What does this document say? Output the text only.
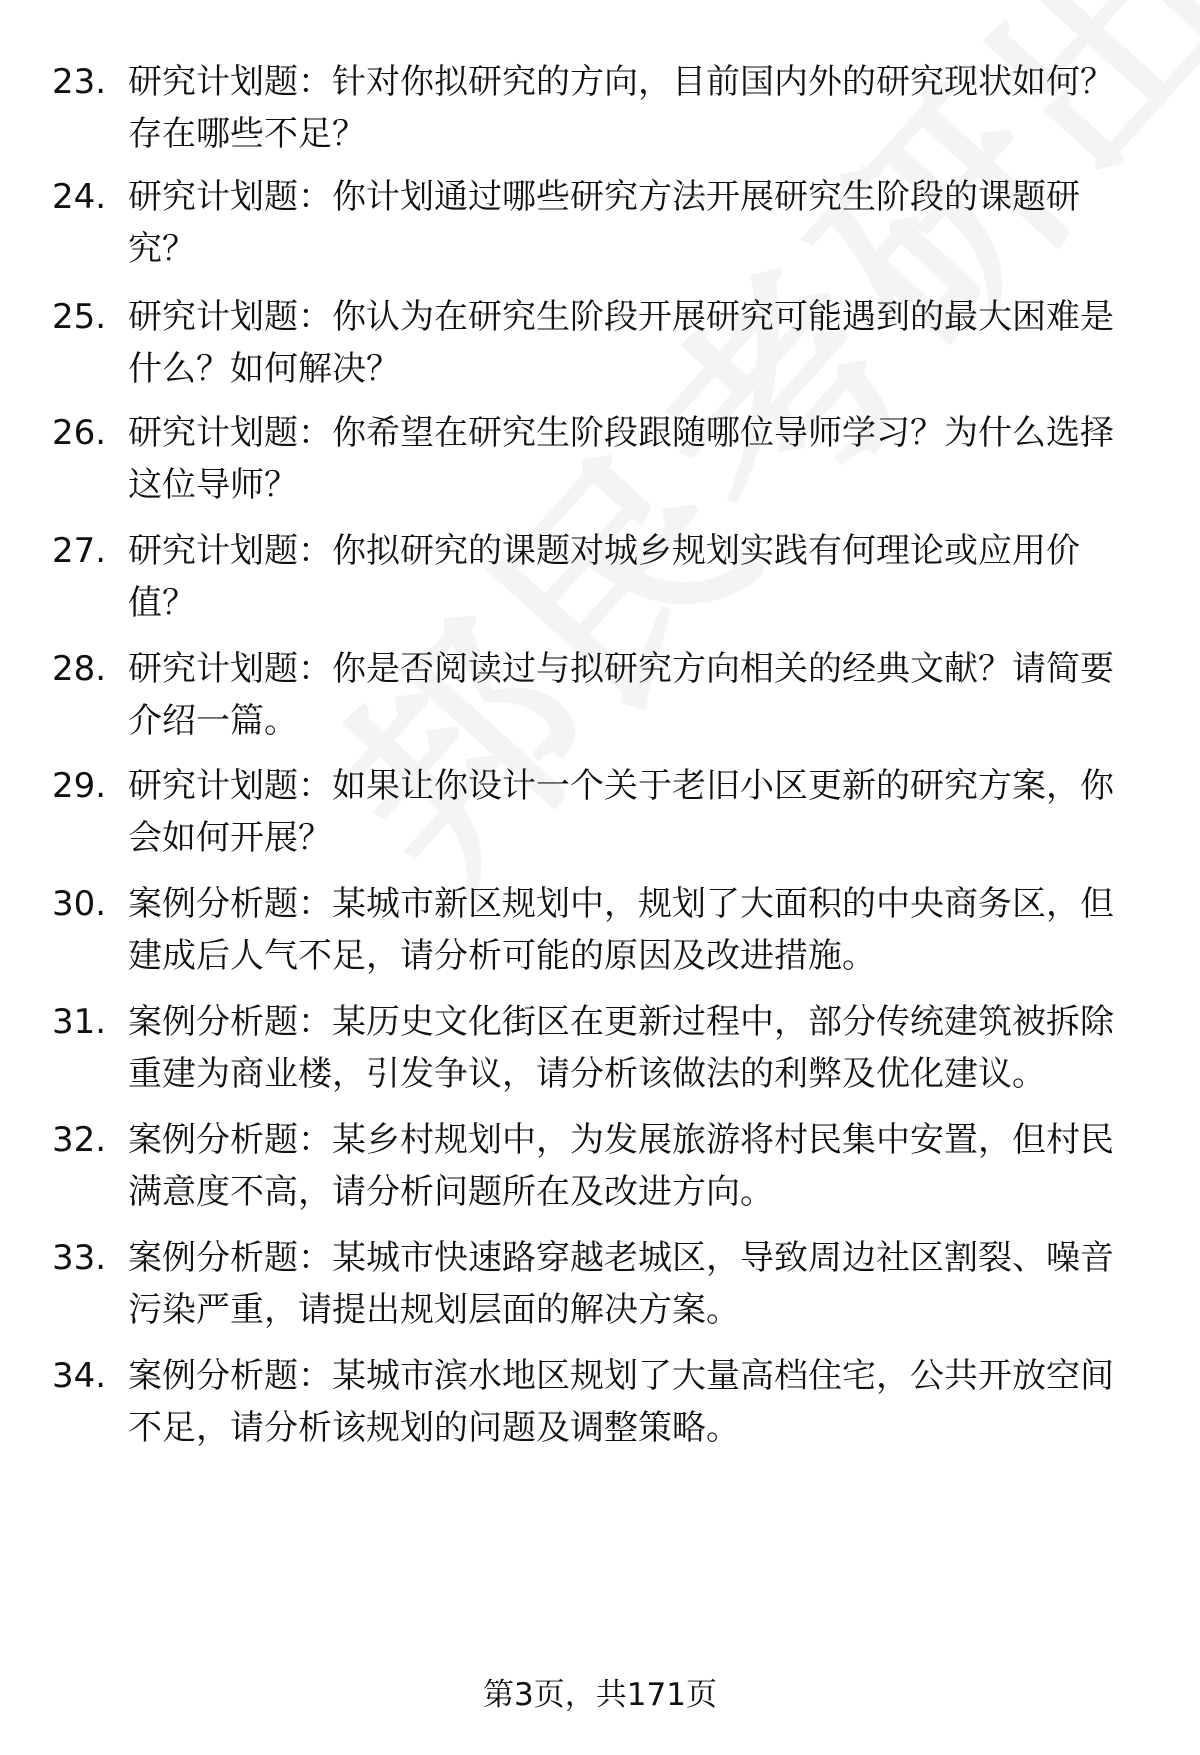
23. 研究计划题：针对你拟研究的方向，目前国内外的研究现状如何？存在哪些不足？
24. 研究计划题：你计划通过哪些研究方法开展研究生阶段的课题研究？
25. 研究计划题：你认为在研究生阶段开展研究可能遇到的最大困难是什么？如何解决？
26. 研究计划题：你希望在研究生阶段跟随哪位导师学习？为什么选择这位导师？
27. 研究计划题：你拟研究的课题对城乡规划实践有何理论或应用价值？
28. 研究计划题：你是否阅读过与拟研究方向相关的经典文献？请简要介绍一篇。
29. 研究计划题：如果让你设计一个关于老旧小区更新的研究方案，你会如何开展？
30. 案例分析题：某城市新区规划中，规划了大面积的中央商务区，但建成后人气不足，请分析可能的原因及改进措施。
31. 案例分析题：某历史文化街区在更新过程中，部分传统建筑被拆除重建为商业楼，引发争议，请分析该做法的利弊及优化建议。
32. 案例分析题：某乡村规划中，为发展旅游将村民集中安置，但村民满意度不高，请分析问题所在及改进方向。
33. 案例分析题：某城市快速路穿越老城区，导致周边社区割裂、噪音污染严重，请提出规划层面的解决方案。
34. 案例分析题：某城市滨水地区规划了大量高档住宅，公共开放空间不足，请分析该规划的问题及调整策略。
第3页，共171页
